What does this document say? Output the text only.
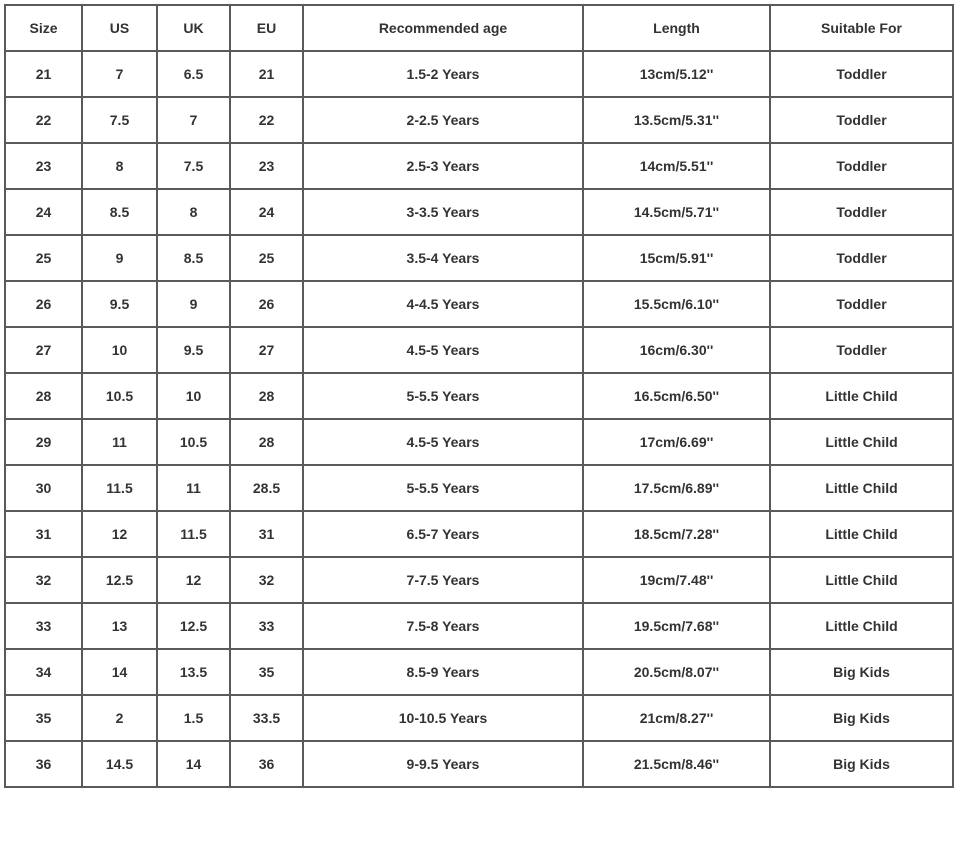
Size	US	UK	EU	Recommended age	Length	Suitable For
21	7	6.5	21	1.5-2 Years	13cm/5.12''	Toddler
22	7.5	7	22	2-2.5 Years	13.5cm/5.31''	Toddler
23	8	7.5	23	2.5-3 Years	14cm/5.51''	Toddler
24	8.5	8	24	3-3.5 Years	14.5cm/5.71''	Toddler
25	9	8.5	25	3.5-4 Years	15cm/5.91''	Toddler
26	9.5	9	26	4-4.5 Years	15.5cm/6.10''	Toddler
27	10	9.5	27	4.5-5 Years	16cm/6.30''	Toddler
28	10.5	10	28	5-5.5 Years	16.5cm/6.50''	Little Child
29	11	10.5	28	4.5-5 Years	17cm/6.69''	Little Child
30	11.5	11	28.5	5-5.5 Years	17.5cm/6.89''	Little Child
31	12	11.5	31	6.5-7 Years	18.5cm/7.28''	Little Child
32	12.5	12	32	7-7.5 Years	19cm/7.48''	Little Child
33	13	12.5	33	7.5-8 Years	19.5cm/7.68''	Little Child
34	14	13.5	35	8.5-9 Years	20.5cm/8.07''	Big Kids
35	2	1.5	33.5	10-10.5 Years	21cm/8.27''	Big Kids
36	14.5	14	36	9-9.5 Years	21.5cm/8.46''	Big Kids
